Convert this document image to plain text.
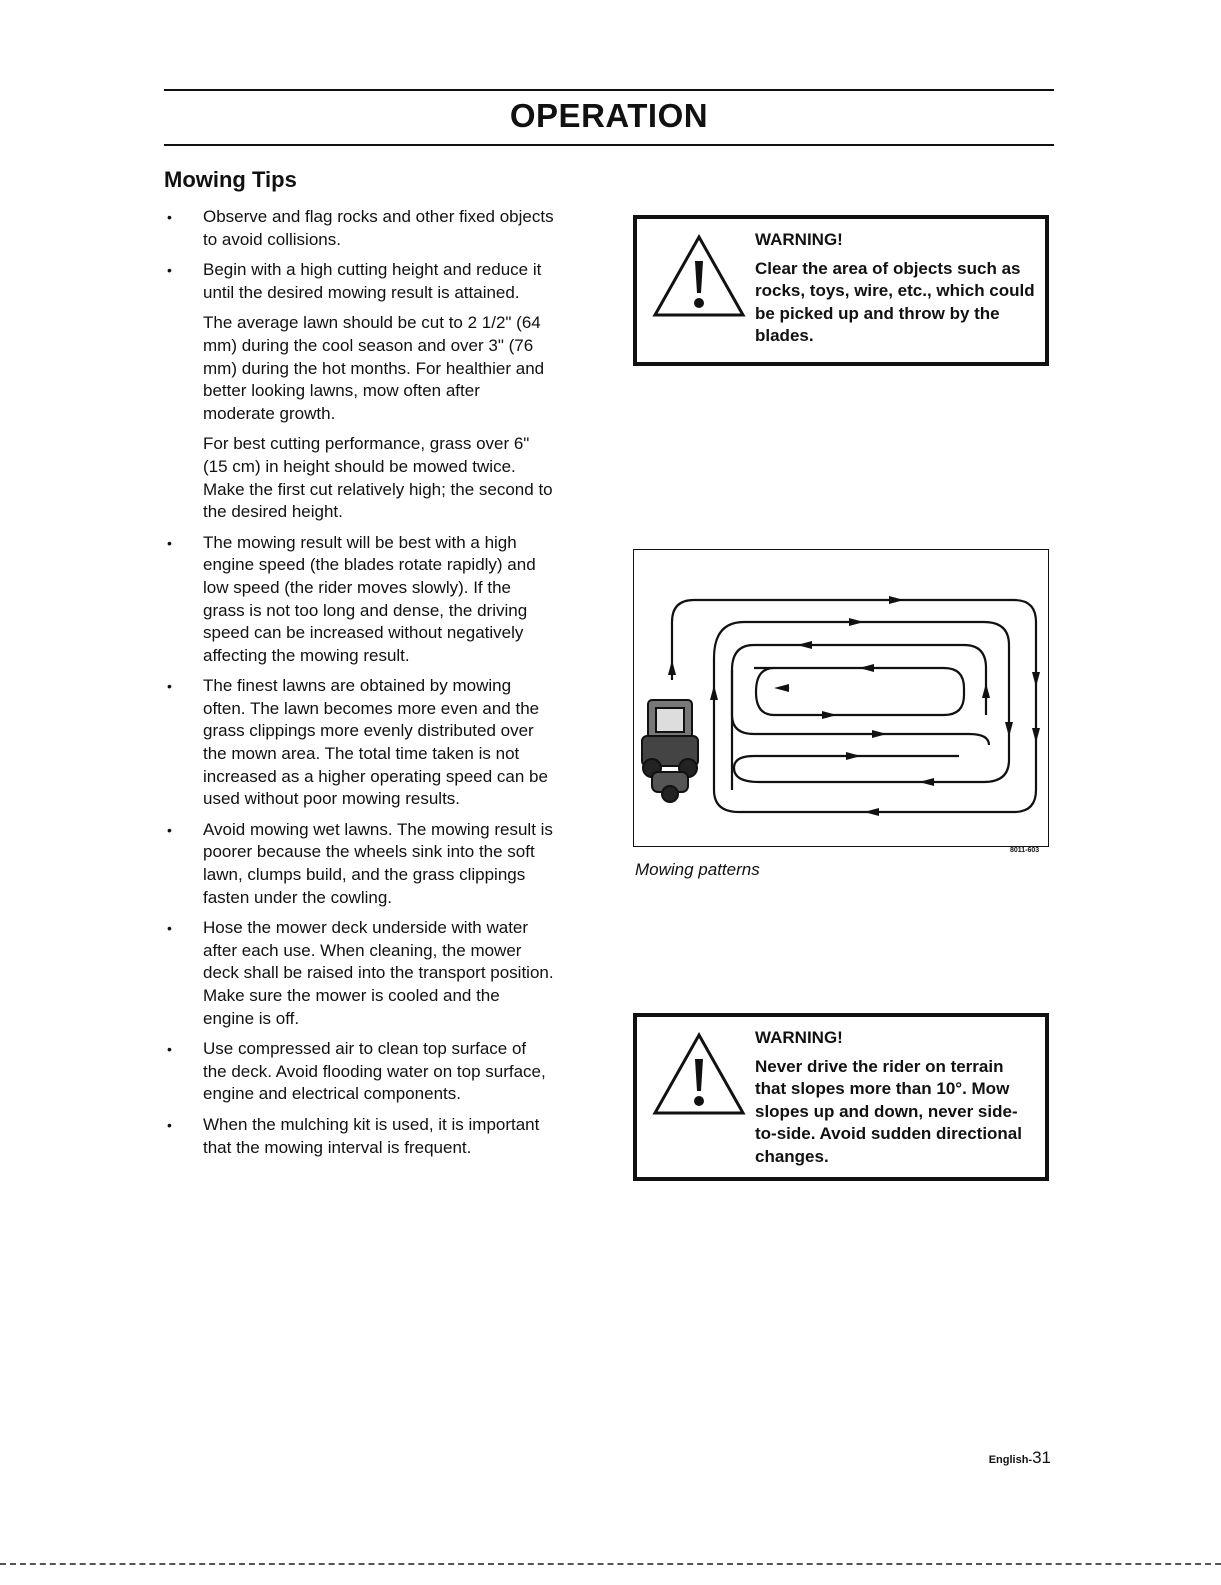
OPERATION
Mowing Tips
• Observe and flag rocks and other fixed objects to avoid collisions.

• Begin with a high cutting height and reduce it until the desired mowing result is attained.

The average lawn should be cut to 2 1/2" (64 mm) during the cool season and over 3" (76 mm) during the hot months. For healthier and better looking lawns, mow often after moderate growth.

For best cutting performance, grass over 6" (15 cm) in height should be mowed twice. Make the first cut relatively high; the second to the desired height.

• The mowing result will be best with a high engine speed (the blades rotate rapidly) and low speed (the rider moves slowly). If the grass is not too long and dense, the driving speed can be increased without negatively affecting the mowing result.

• The finest lawns are obtained by mowing often. The lawn becomes more even and the grass clippings more evenly distributed over the mown area. The total time taken is not increased as a higher operating speed can be used without poor mowing results.

• Avoid mowing wet lawns. The mowing result is poorer because the wheels sink into the soft lawn, clumps build, and the grass clippings fasten under the cowling.

• Hose the mower deck underside with water after each use. When cleaning, the mower deck shall be raised into the transport position. Make sure the mower is cooled and the engine is off.

• Use compressed air to clean top surface of the deck. Avoid flooding water on top surface, engine and electrical components.

• When the mulching kit is used, it is important that the mowing interval is frequent.

WARNING!

Clear the area of objects such as rocks, toys, wire, etc., which could be picked up and throw by the blades.

8011-603

Mowing patterns

WARNING!

Never drive the rider on terrain that slopes more than 10°. Mow slopes up and down, never side-to-side. Avoid sudden directional changes.

English-31
